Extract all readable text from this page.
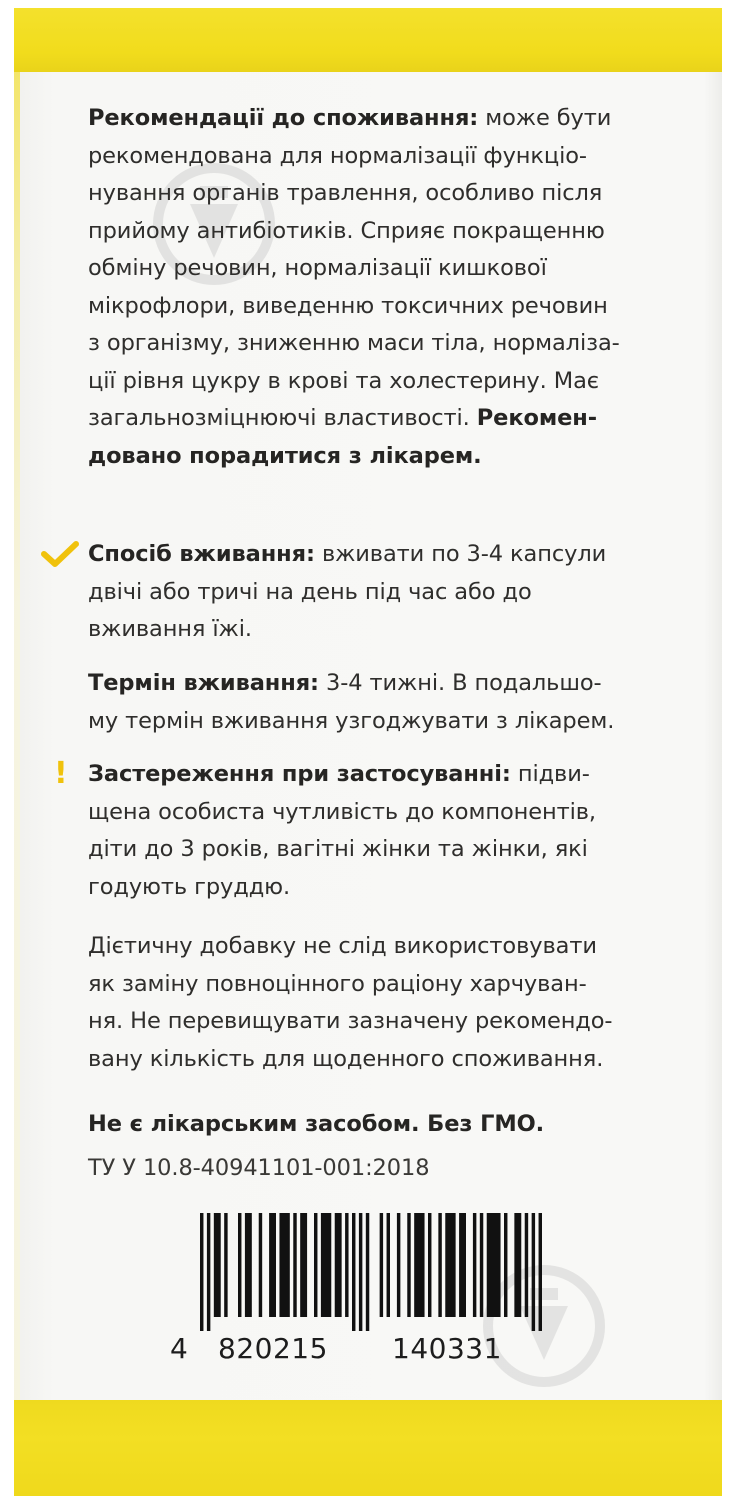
Рекомендації до споживання: може бути
рекомендована для нормалізації функціо-
нування органів травлення, особливо після
прийому антибіотиків. Сприяє покращенню
обміну речовин, нормалізації кишкової
мікрофлори, виведенню токсичних речовин
з організму, зниженню маси тіла, нормаліза-
ції рівня цукру в крові та холестерину. Має
загальнозміцнюючі властивості. Рекомен-
довано порадитися з лікарем.
Спосіб вживання: вживати по 3-4 капсули
двічі або тричі на день під час або до
вживання їжі.
Термін вживання: 3-4 тижні. В подальшо-
му термін вживання узгоджувати з лікарем.
! Застереження при застосуванні: підви-
щена особиста чутливість до компонентів,
діти до 3 років, вагітні жінки та жінки, які
годують груддю.
Дієтичну добавку не слід використовувати
як заміну повноцінного раціону харчуван-
ня. Не перевищувати зазначену рекомендо-
вану кількість для щоденного споживання.
Не є лікарським засобом. Без ГМО.
ТУ У 10.8-40941101-001:2018
4 820215 140331
